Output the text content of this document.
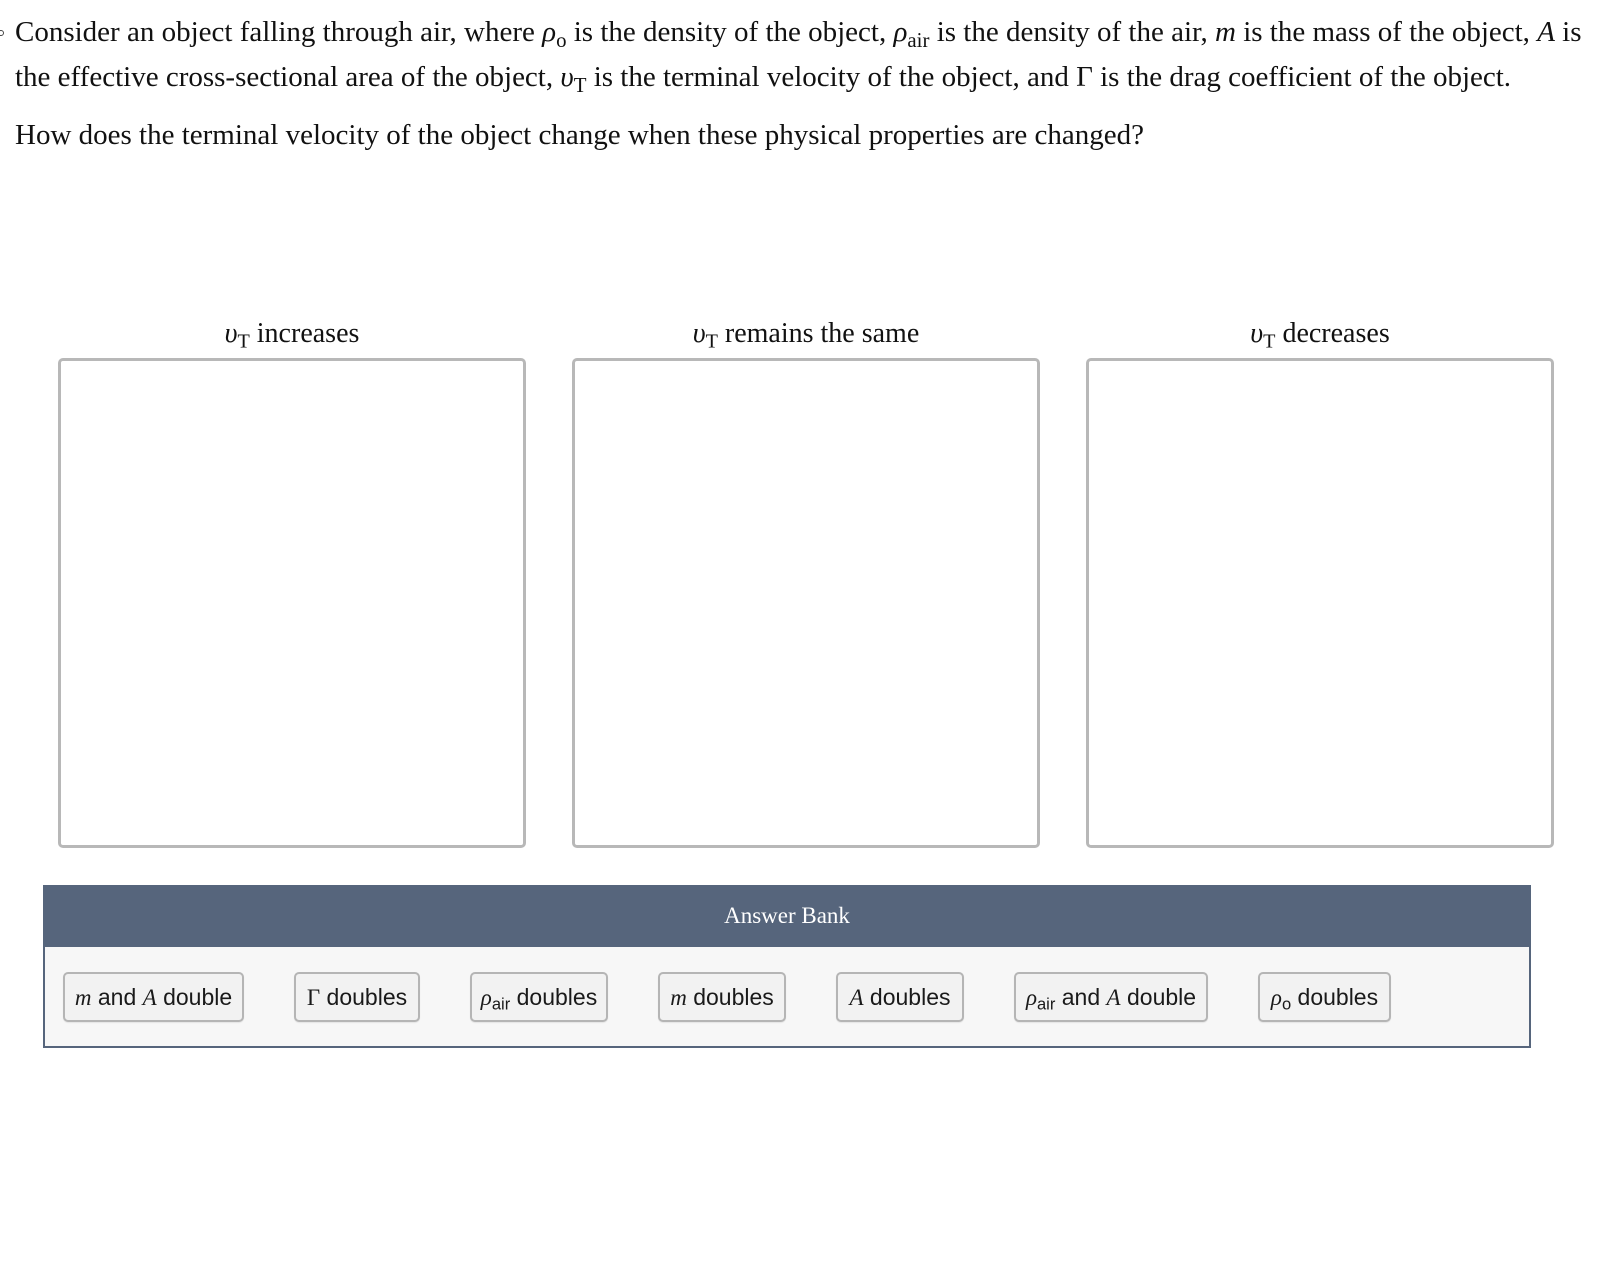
Consider an object falling through air, where $\rho_o$ is the density of the object, $\rho_{air}$ is the density of the air, m is the mass of the object, A is the effective cross-sectional area of the object, $\upsilon_T$ is the terminal velocity of the object, and Γ is the drag coefficient of the object.

How does the terminal velocity of the object change when these physical properties are changed?

$\upsilon_T$ increases	$\upsilon_T$ remains the same	$\upsilon_T$ decreases
Answer Bank
m and A double	Γ doubles	$\rho_{air}$ doubles	m doubles	A doubles	$\rho_{air}$ and A double	$\rho_o$ doubles
